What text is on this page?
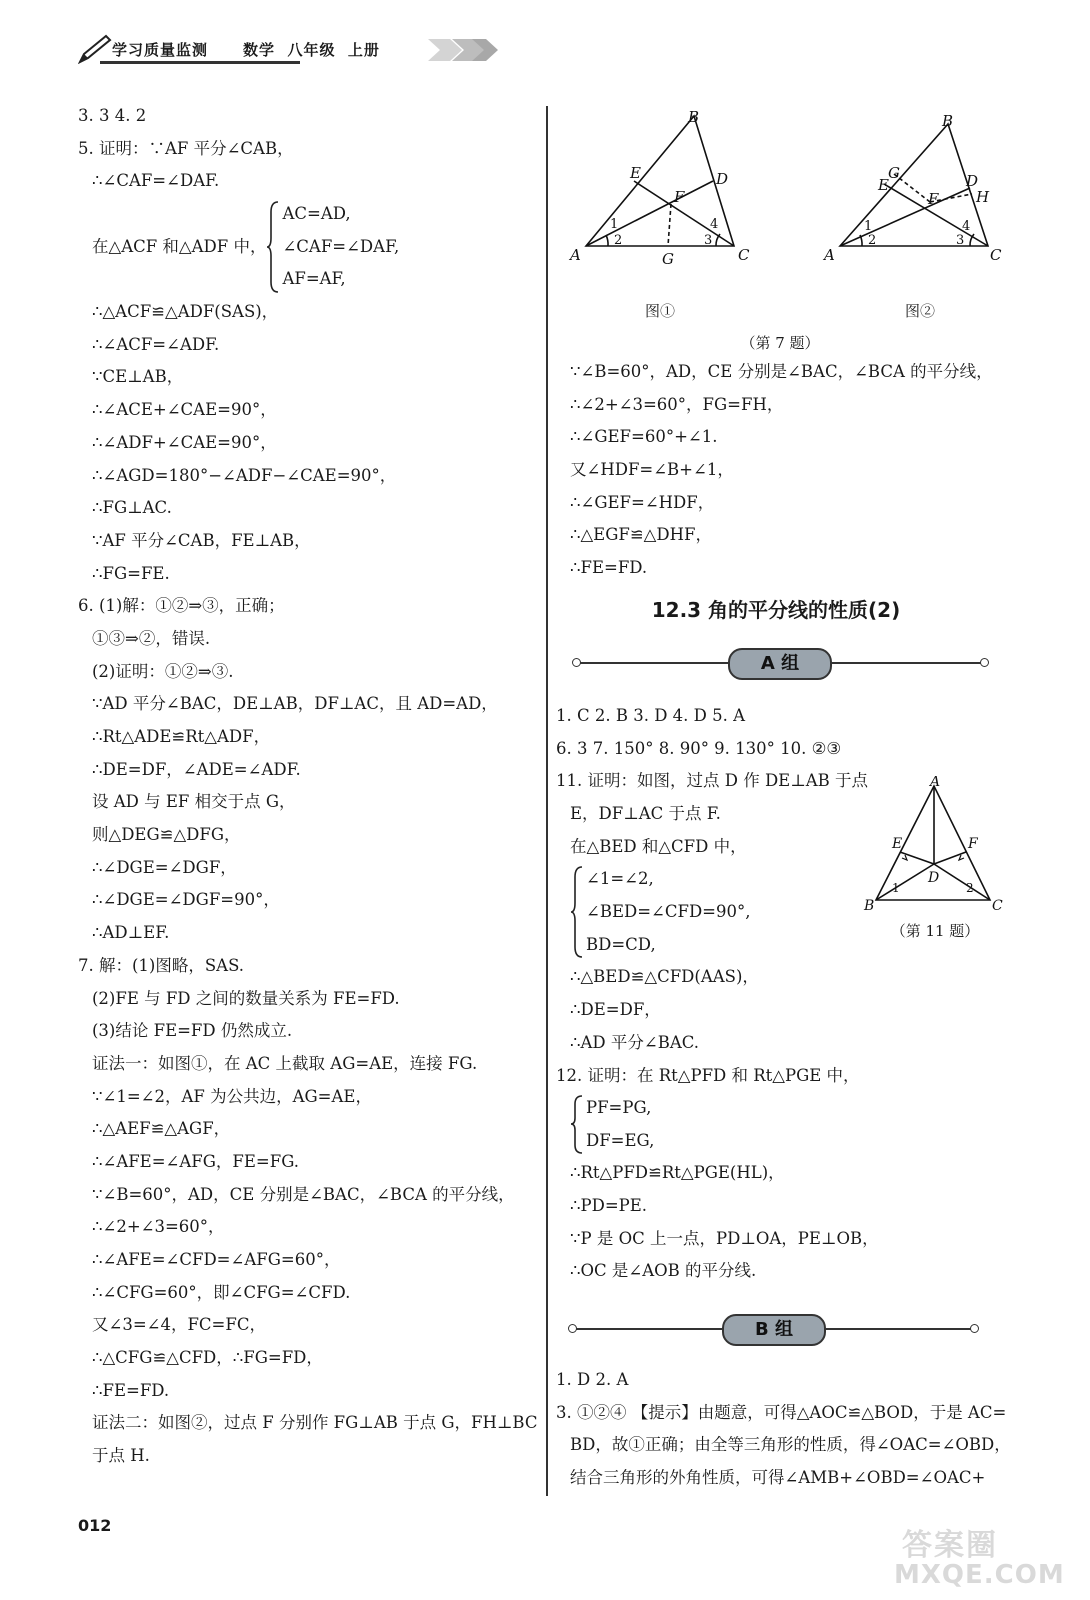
学习质量监测 数学  八年级  上册
3. 3 4. 2
5. 证明：∵AF 平分∠CAB，
∴∠CAF=∠DAF.
在△ACF 和△ADF 中，
AC=AD,
∠CAF=∠DAF,
AF=AF,
∴△ACF≌△ADF(SAS)，
∴∠ACF=∠ADF.
∵CE⊥AB，
∴∠ACE+∠CAE=90°，
∴∠ADF+∠CAE=90°，
∴∠AGD=180°−∠ADF−∠CAE=90°，
∴FG⊥AC.
∵AF 平分∠CAB，FE⊥AB，
∴FG=FE.
6. (1)解：①②⇒③，正确；
①③⇒②，错误.
(2)证明：①②⇒③.
∵AD 平分∠BAC，DE⊥AB，DF⊥AC，且 AD=AD，
∴Rt△ADE≌Rt△ADF，
∴DE=DF，∠ADE=∠ADF.
设 AD 与 EF 相交于点 G，
则△DEG≌△DFG，
∴∠DGE=∠DGF，
∴∠DGE=∠DGF=90°，
∴AD⊥EF.
7. 解：(1)图略，SAS.
(2)FE 与 FD 之间的数量关系为 FE=FD.
(3)结论 FE=FD 仍然成立.
证法一：如图①，在 AC 上截取 AG=AE，连接 FG.
∵∠1=∠2，AF 为公共边，AG=AE，
∴△AEF≌△AGF，
∴∠AFE=∠AFG，FE=FG.
∵∠B=60°，AD，CE 分别是∠BAC，∠BCA 的平分线，
∴∠2+∠3=60°，
∴∠AFE=∠CFD=∠AFG=60°，
∴∠CFG=60°，即∠CFG=∠CFD.
又∠3=∠4，FC=FC，
∴△CFG≌△CFD，∴FG=FD，
∴FE=FD.
证法二：如图②，过点 F 分别作 FG⊥AB 于点 G，FH⊥BC
于点 H.
B
A	C
E	D
F
G
1
2	3
4
图①
B
A	C
E
G	D
H
F
1
2	3
4
图②
（第 7 题）
∵∠B=60°，AD，CE 分别是∠BAC，∠BCA 的平分线，
∴∠2+∠3=60°，FG=FH，
∴∠GEF=60°+∠1.
又∠HDF=∠B+∠1，
∴∠GEF=∠HDF，
∴△EGF≌△DHF，
∴FE=FD.
12.3 角的平分线的性质(2)
A 组
1. C 2. B 3. D 4. D 5. A
6. 3 7. 150° 8. 90° 9. 130° 10. ②③
11. 证明：如图，过点 D 作 DE⊥AB 于点
E，DF⊥AC 于点 F.
在△BED 和△CFD 中，
∠1=∠2,
∠BED=∠CFD=90°,
BD=CD,
∴△BED≌△CFD(AAS)，
∴DE=DF，
∴AD 平分∠BAC.
12. 证明：在 Rt△PFD 和 Rt△PGE 中，
PF=PG,
DF=EG,
∴Rt△PFD≌Rt△PGE(HL)，
∴PD=PE.
∵P 是 OC 上一点，PD⊥OA，PE⊥OB，
∴OC 是∠AOB 的平分线.
A
B	C
D
E	F
1	2
（第 11 题）
B 组
1. D 2. A
3. ①②④ 【提示】由题意，可得△AOC≌△BOD，于是 AC=
BD，故①正确；由全等三角形的性质，得∠OAC=∠OBD，
结合三角形的外角性质，可得∠AMB+∠OBD=∠OAC+
012
答案圈
MXQE.COM
